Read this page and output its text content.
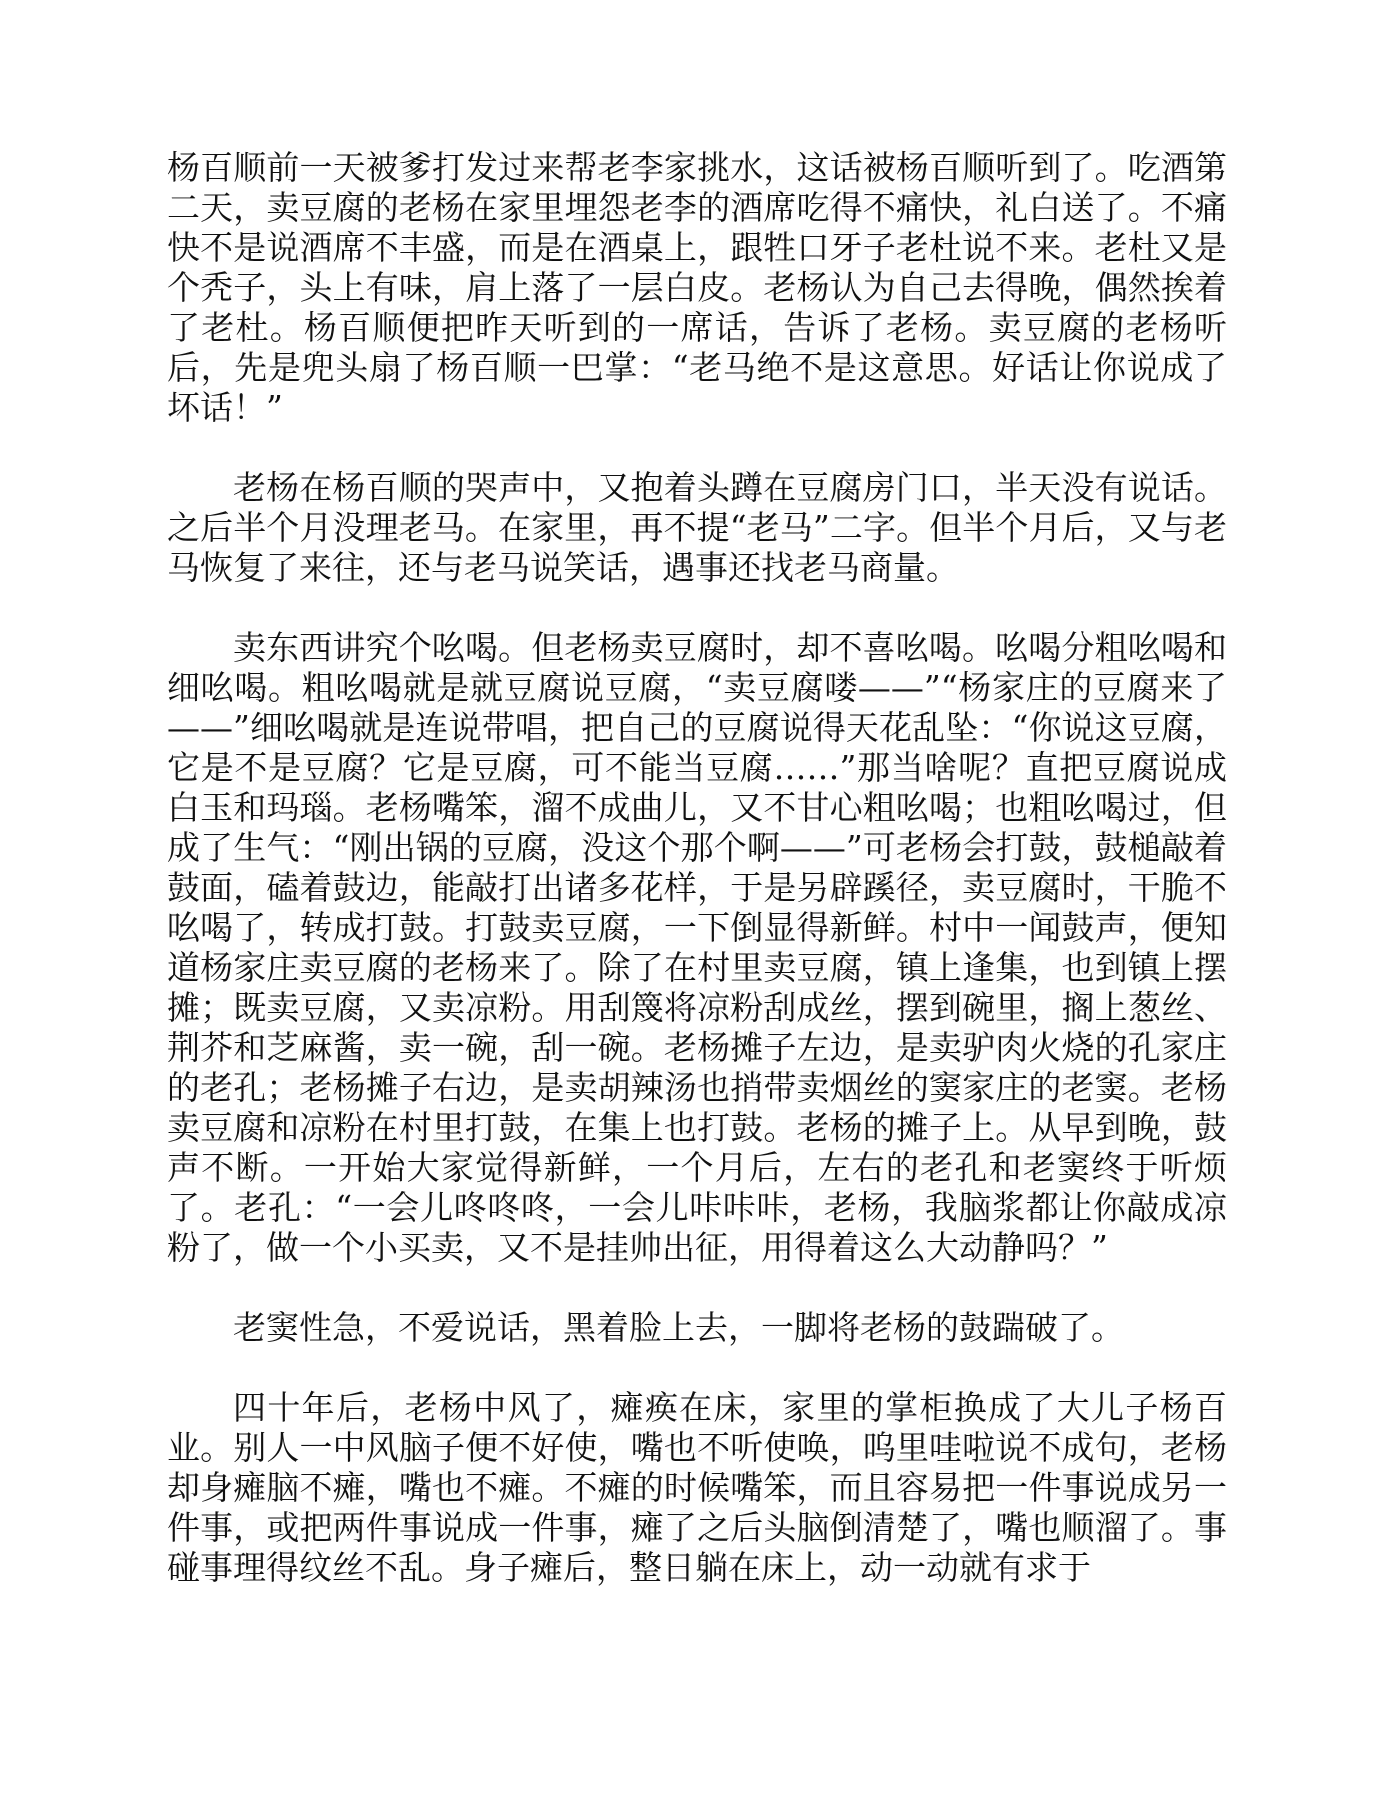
杨百顺前一天被爹打发过来帮老李家挑水，这话被杨百顺听到了。吃酒第二天，卖豆腐的老杨在家里埋怨老李的酒席吃得不痛快，礼白送了。不痛快不是说酒席不丰盛，而是在酒桌上，跟牲口牙子老杜说不来。老杜又是个秃子，头上有味，肩上落了一层白皮。老杨认为自己去得晚，偶然挨着了老杜。杨百顺便把昨天听到的一席话，告诉了老杨。卖豆腐的老杨听后，先是兜头扇了杨百顺一巴掌：“老马绝不是这意思。好话让你说成了坏话！”

老杨在杨百顺的哭声中，又抱着头蹲在豆腐房门口，半天没有说话。之后半个月没理老马。在家里，再不提“老马”二字。但半个月后，又与老马恢复了来往，还与老马说笑话，遇事还找老马商量。

卖东西讲究个吆喝。但老杨卖豆腐时，却不喜吆喝。吆喝分粗吆喝和细吆喝。粗吆喝就是就豆腐说豆腐，“卖豆腐喽——”“杨家庄的豆腐来了——”细吆喝就是连说带唱，把自己的豆腐说得天花乱坠：“你说这豆腐，它是不是豆腐？它是豆腐，可不能当豆腐……”那当啥呢？直把豆腐说成白玉和玛瑙。老杨嘴笨，溜不成曲儿，又不甘心粗吆喝；也粗吆喝过，但成了生气：“刚出锅的豆腐，没这个那个啊——”可老杨会打鼓，鼓槌敲着鼓面，磕着鼓边，能敲打出诸多花样，于是另辟蹊径，卖豆腐时，干脆不吆喝了，转成打鼓。打鼓卖豆腐，一下倒显得新鲜。村中一闻鼓声，便知道杨家庄卖豆腐的老杨来了。除了在村里卖豆腐，镇上逢集，也到镇上摆摊；既卖豆腐，又卖凉粉。用刮篾将凉粉刮成丝，摆到碗里，搁上葱丝、荆芥和芝麻酱，卖一碗，刮一碗。老杨摊子左边，是卖驴肉火烧的孔家庄的老孔；老杨摊子右边，是卖胡辣汤也捎带卖烟丝的窦家庄的老窦。老杨卖豆腐和凉粉在村里打鼓，在集上也打鼓。老杨的摊子上。从早到晚，鼓声不断。一开始大家觉得新鲜，一个月后，左右的老孔和老窦终于听烦了。老孔：“一会儿咚咚咚，一会儿咔咔咔，老杨，我脑浆都让你敲成凉粉了，做一个小买卖，又不是挂帅出征，用得着这么大动静吗？”

老窦性急，不爱说话，黑着脸上去，一脚将老杨的鼓踹破了。

四十年后，老杨中风了，瘫痪在床，家里的掌柜换成了大儿子杨百业。别人一中风脑子便不好使，嘴也不听使唤，呜里哇啦说不成句，老杨却身瘫脑不瘫，嘴也不瘫。不瘫的时候嘴笨，而且容易把一件事说成另一件事，或把两件事说成一件事，瘫了之后头脑倒清楚了，嘴也顺溜了。事碰事理得纹丝不乱。身子瘫后，整日躺在床上，动一动就有求于
